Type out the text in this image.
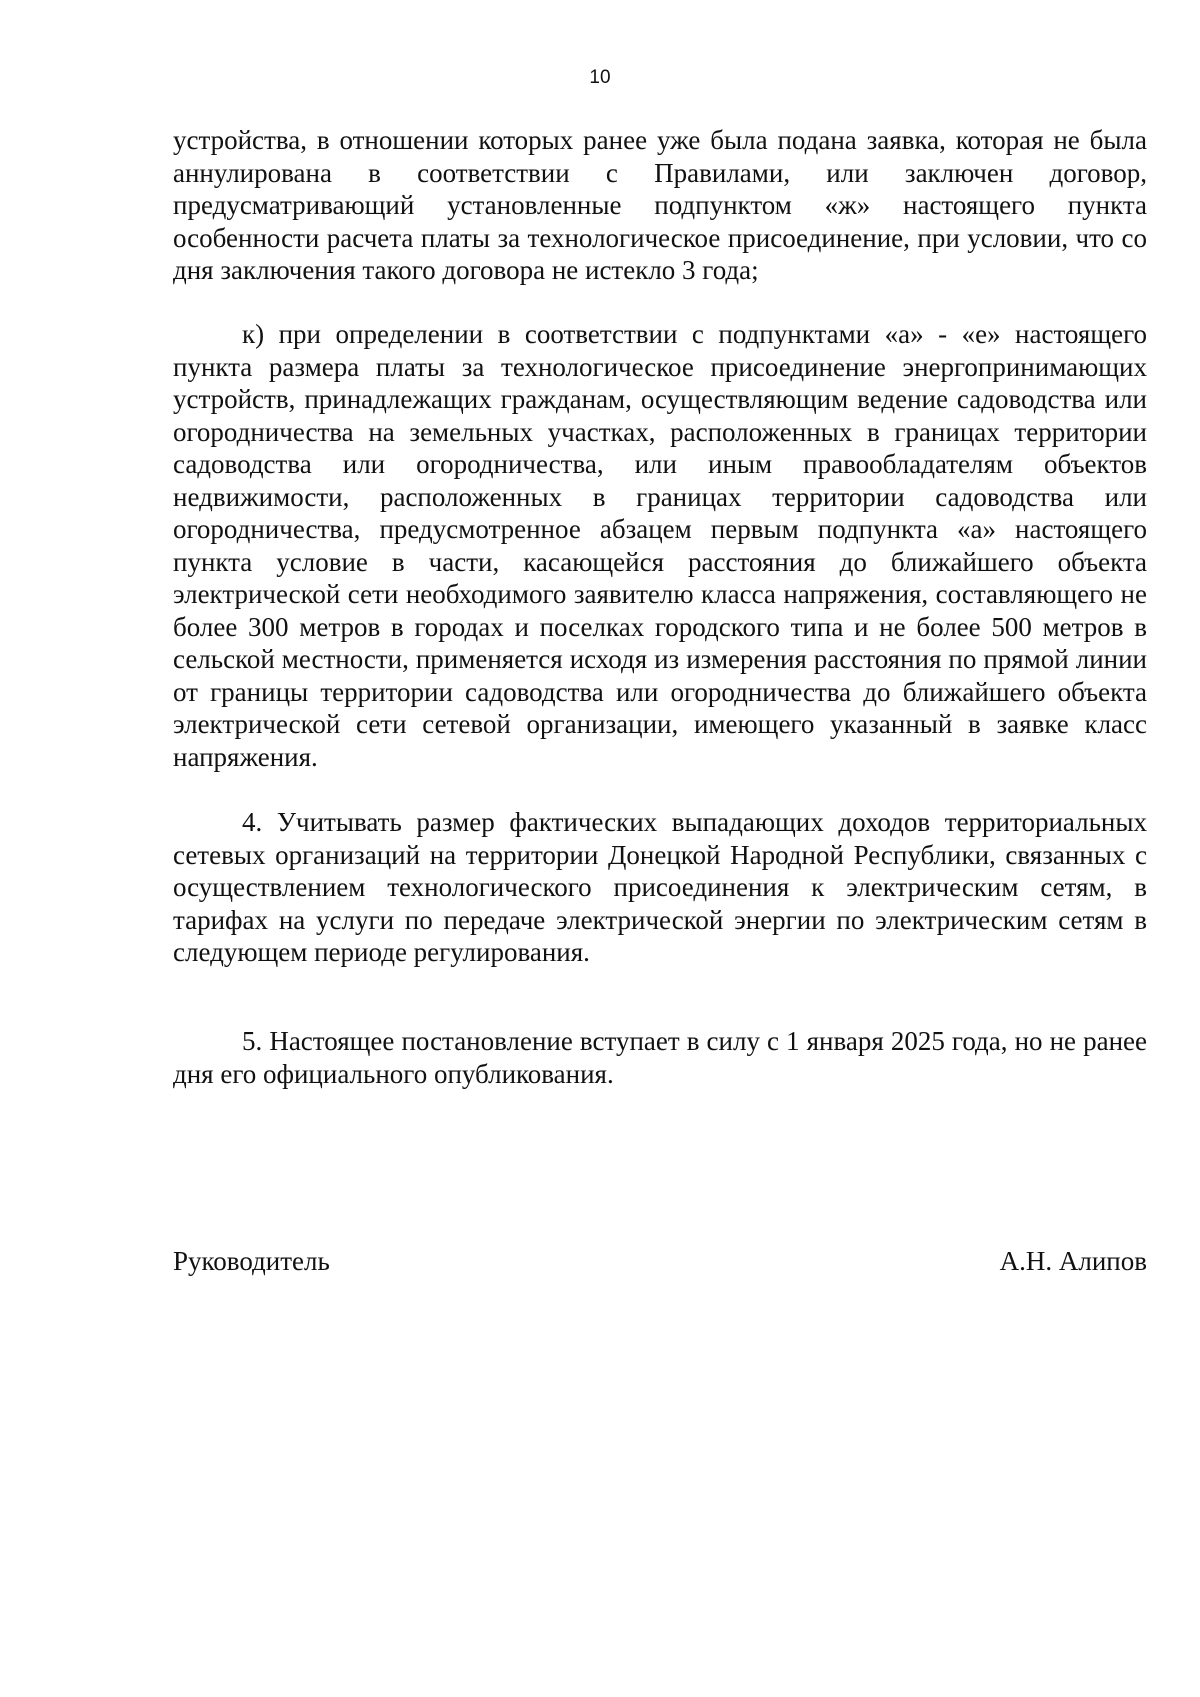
10

устройства, в отношении которых ранее уже была подана заявка, которая не была аннулирована в соответствии с Правилами, или заключен договор, предусматривающий установленные подпунктом «ж» настоящего пункта особенности расчета платы за технологическое присоединение, при условии, что со дня заключения такого договора не истекло 3 года;

к) при определении в соответствии с подпунктами «а» - «е» настоящего пункта размера платы за технологическое присоединение энергопринимающих устройств, принадлежащих гражданам, осуществляющим ведение садоводства или огородничества на земельных участках, расположенных в границах территории садоводства или огородничества, или иным правообладателям объектов недвижимости, расположенных в границах территории садоводства или огородничества, предусмотренное абзацем первым подпункта «а» настоящего пункта условие в части, касающейся расстояния до ближайшего объекта электрической сети необходимого заявителю класса напряжения, составляющего не более 300 метров в городах и поселках городского типа и не более 500 метров в сельской местности, применяется исходя из измерения расстояния по прямой линии от границы территории садоводства или огородничества до ближайшего объекта электрической сети сетевой организации, имеющего указанный в заявке класс напряжения.

4. Учитывать размер фактических выпадающих доходов территориальных сетевых организаций на территории Донецкой Народной Республики, связанных с осуществлением технологического присоединения к электрическим сетям, в тарифах на услуги по передаче электрической энергии по электрическим сетям в следующем периоде регулирования.

5. Настоящее постановление вступает в силу с 1 января 2025 года, но не ранее дня его официального опубликования.

Руководитель	А.Н. Алипов
